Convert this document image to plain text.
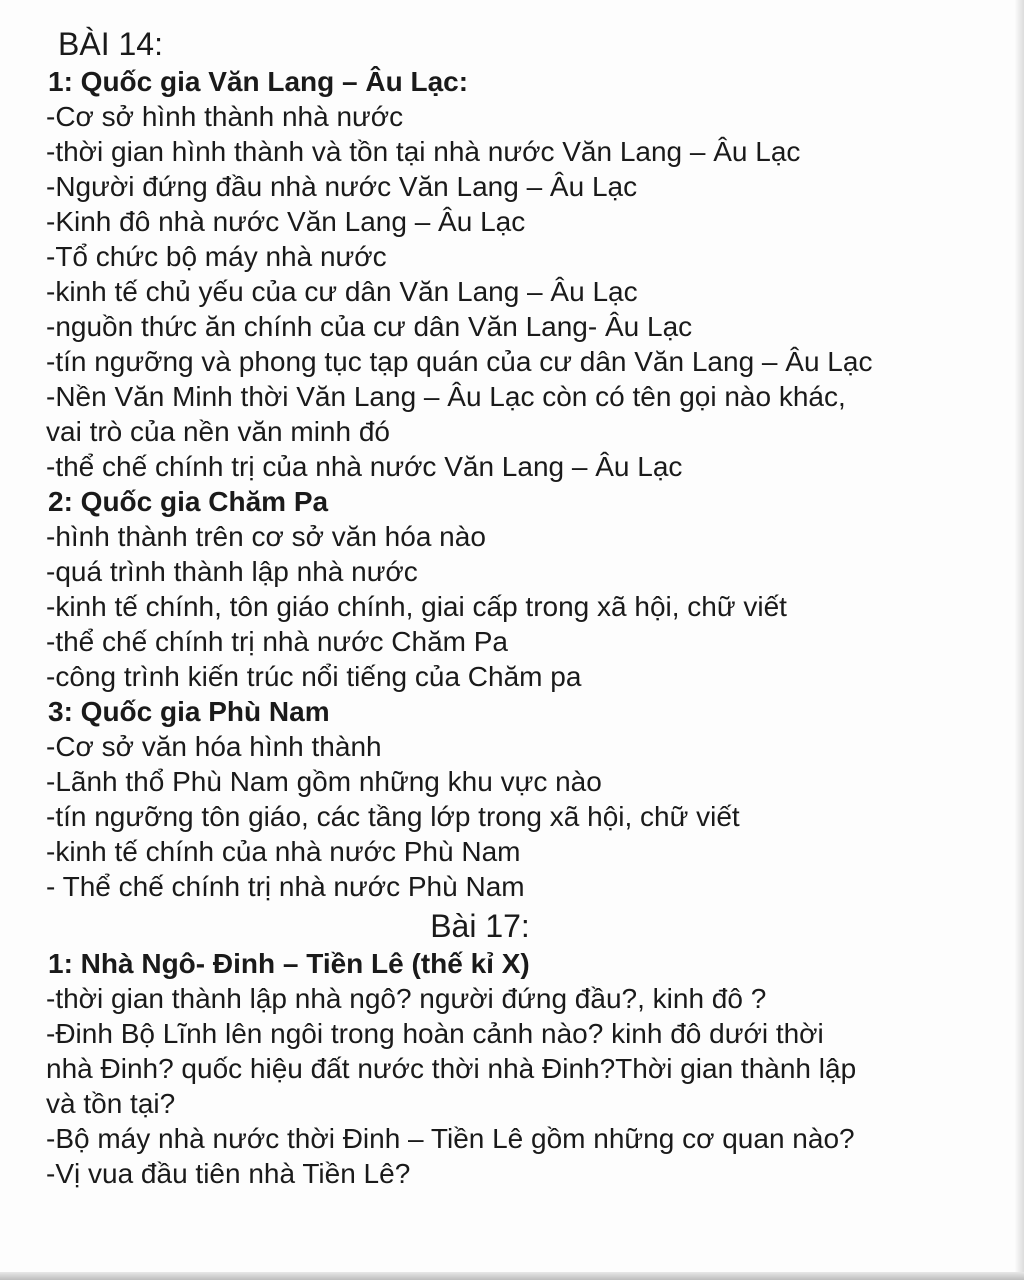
BÀI 14:
1: Quốc gia Văn Lang – Âu Lạc:
-Cơ sở hình thành nhà nước
-thời gian hình thành và tồn tại nhà nước Văn Lang – Âu Lạc
-Người đứng đầu nhà nước Văn Lang – Âu Lạc
-Kinh đô nhà nước Văn Lang – Âu Lạc
-Tổ chức bộ máy nhà nước
-kinh tế chủ yếu của cư dân Văn Lang – Âu Lạc
-nguồn thức ăn chính của cư dân Văn Lang- Âu Lạc
-tín ngưỡng và phong tục tạp quán của cư dân Văn Lang – Âu Lạc
-Nền Văn Minh thời Văn Lang – Âu Lạc còn có tên gọi nào khác,
vai trò của nền văn minh đó
-thể chế chính trị của nhà nước Văn Lang – Âu Lạc
2: Quốc gia Chăm Pa
-hình thành trên cơ sở văn hóa nào
-quá trình thành lập nhà nước
-kinh tế chính, tôn giáo chính, giai cấp trong xã hội, chữ viết
-thể chế chính trị nhà nước Chăm Pa
-công trình kiến trúc nổi tiếng của Chăm pa
3: Quốc gia Phù Nam
-Cơ sở văn hóa hình thành
-Lãnh thổ Phù Nam gồm những khu vực nào
-tín ngưỡng tôn giáo, các tầng lớp trong xã hội, chữ viết
-kinh tế chính của nhà nước Phù Nam
- Thể chế chính trị nhà nước Phù Nam
Bài 17:
1: Nhà Ngô- Đinh – Tiền Lê (thế kỉ X)
-thời gian thành lập nhà ngô? người đứng đầu?, kinh đô ?
-Đinh Bộ Lĩnh lên ngôi trong hoàn cảnh nào? kinh đô dưới thời
nhà Đinh? quốc hiệu đất nước thời nhà Đinh?Thời gian thành lập
và tồn tại?
-Bộ máy nhà nước thời Đinh – Tiền Lê gồm những cơ quan nào?
-Vị vua đầu tiên nhà Tiền Lê?
